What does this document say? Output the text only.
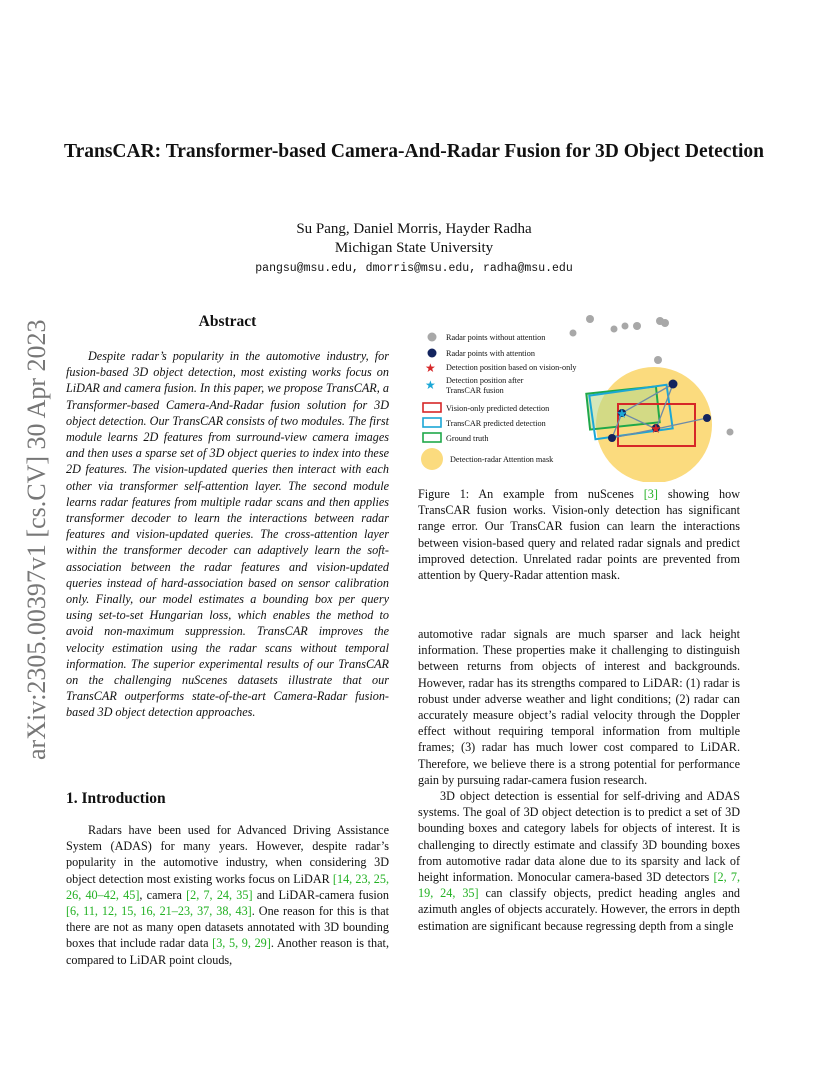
arXiv:2305.00397v1 [cs.CV] 30 Apr 2023
TransCAR: Transformer-based Camera-And-Radar Fusion for 3D Object Detection
Su Pang, Daniel Morris, Hayder Radha
Michigan State University
pangsu@msu.edu, dmorris@msu.edu, radha@msu.edu
Abstract

Despite radar’s popularity in the automotive industry, for fusion-based 3D object detection, most existing works focus on LiDAR and camera fusion. In this paper, we propose TransCAR, a Transformer-based Camera-And-Radar fusion solution for 3D object detection. Our TransCAR consists of two modules. The first module learns 2D features from surround-view camera images and then uses a sparse set of 3D object queries to index into these 2D features. The vision-updated queries then interact with each other via transformer self-attention layer. The second module learns radar features from multiple radar scans and then applies transformer decoder to learn the interactions between radar features and vision-updated queries. The cross-attention layer within the transformer decoder can adaptively learn the soft-association between the radar features and vision-updated queries instead of hard-association based on sensor calibration only. Finally, our model estimates a bounding box per query using set-to-set Hungarian loss, which enables the method to avoid non-maximum suppression. TransCAR improves the velocity estimation using the radar scans without temporal information. The superior experimental results of our TransCAR on the challenging nuScenes datasets illustrate that our TransCAR outperforms state-of-the-art Camera-Radar fusion-based 3D object detection approaches.

1. Introduction

Radars have been used for Advanced Driving Assistance System (ADAS) for many years. However, despite radar’s popularity in the automotive industry, when considering 3D object detection most existing works focus on LiDAR [14, 23, 25, 26, 40–42, 45], camera [2, 7, 24, 35] and LiDAR-camera fusion [6, 11, 12, 15, 16, 21–23, 37, 38, 43]. One reason for this is that there are not as many open datasets annotated with 3D bounding boxes that include radar data [3, 5, 9, 29]. Another reason is that, compared to LiDAR point clouds,

★
★
Radar points without attention
Radar points with attention
★ Detection position based on vision-only
★ Detection position after
TransCAR fusion
Vision-only predicted detection
TransCAR predicted detection
Ground truth
Detection-radar Attention mask
Figure 1: An example from nuScenes [3] showing how TransCAR fusion works. Vision-only detection has significant range error. Our TransCAR fusion can learn the interactions between vision-based query and related radar signals and predict improved detection. Unrelated radar points are prevented from attention by Query-Radar attention mask.

automotive radar signals are much sparser and lack height information. These properties make it challenging to distinguish between returns from objects of interest and backgrounds. However, radar has its strengths compared to LiDAR: (1) radar is robust under adverse weather and light conditions; (2) radar can accurately measure object’s radial velocity through the Doppler effect without requiring temporal information from multiple frames; (3) radar has much lower cost compared to LiDAR. Therefore, we believe there is a strong potential for performance gain by pursuing radar-camera fusion research.

3D object detection is essential for self-driving and ADAS systems. The goal of 3D object detection is to predict a set of 3D bounding boxes and category labels for objects of interest. It is challenging to directly estimate and classify 3D bounding boxes from automotive radar data alone due to its sparsity and lack of height information. Monocular camera-based 3D detectors [2, 7, 19, 24, 35] can classify objects, predict heading angles and azimuth angles of objects accurately. However, the errors in depth estimation are significant because regressing depth from a single
